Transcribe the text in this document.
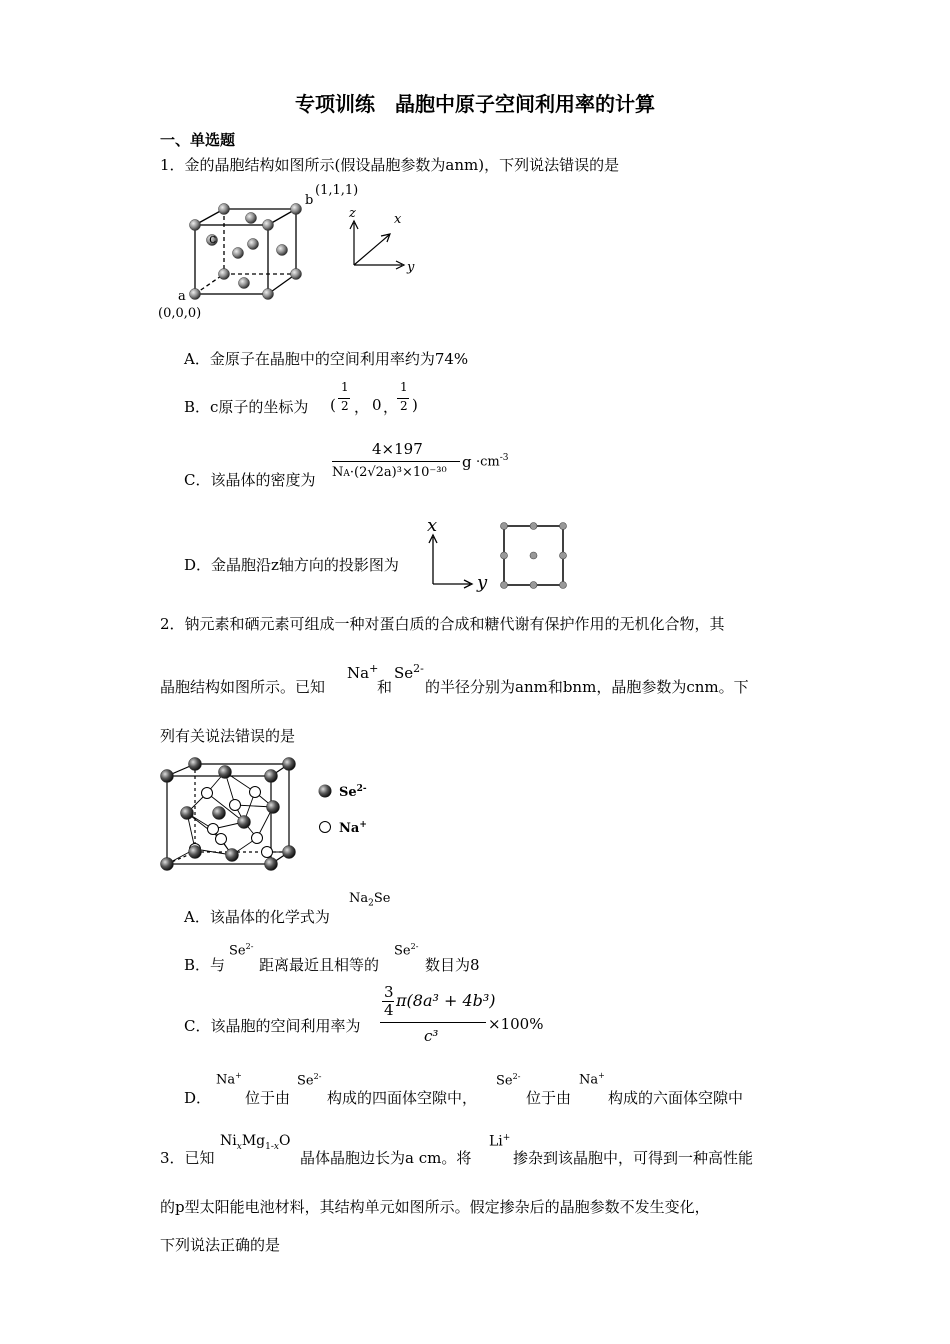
专项训练　晶胞中原子空间利用率的计算
一、单选题
1．金的晶胞结构如图所示(假设晶胞参数为anm)，下列说法错误的是
b
(1,1,1)
c
a
(0,0,0)
z	x
y
A．金原子在晶胞中的空间利用率约为74%
B．c原子的坐标为 (
1
2 ， 0 ，
1
2 )
C．该晶体的密度为
4×197
NA·(2√2a)³×10⁻³⁰
$g \cdot cm^{-3}$
D．金晶胞沿z轴方向的投影图为
x
y
2．钠元素和硒元素可组成一种对蛋白质的合成和糖代谢有保护作用的无机化合物，其
晶胞结构如图所示。已知
Na+
和
$Se^{2-}$
的半径分别为anm和bnm，晶胞参数为cnm。下
列有关说法错误的是
$Se^{2-}$
Na+
A．该晶体的化学式为
$Na_2Se$
B．与
$Se^{2-}$
距离最近且相等的
$Se^{2-}$
数目为8
C．该晶胞的空间利用率为
3
4 π(8a³ + 4b³)
c³
×100%
D．
Na+
位于由
$Se^{2-}$
构成的四面体空隙中，
$Se^{2-}$
位于由
Na+
构成的六面体空隙中
3．已知
$Ni_xMg_{1-x}O$
晶体晶胞边长为a cm。将
Li+
掺杂到该晶胞中，可得到一种高性能
的p型太阳能电池材料，其结构单元如图所示。假定掺杂后的晶胞参数不发生变化，
下列说法正确的是
